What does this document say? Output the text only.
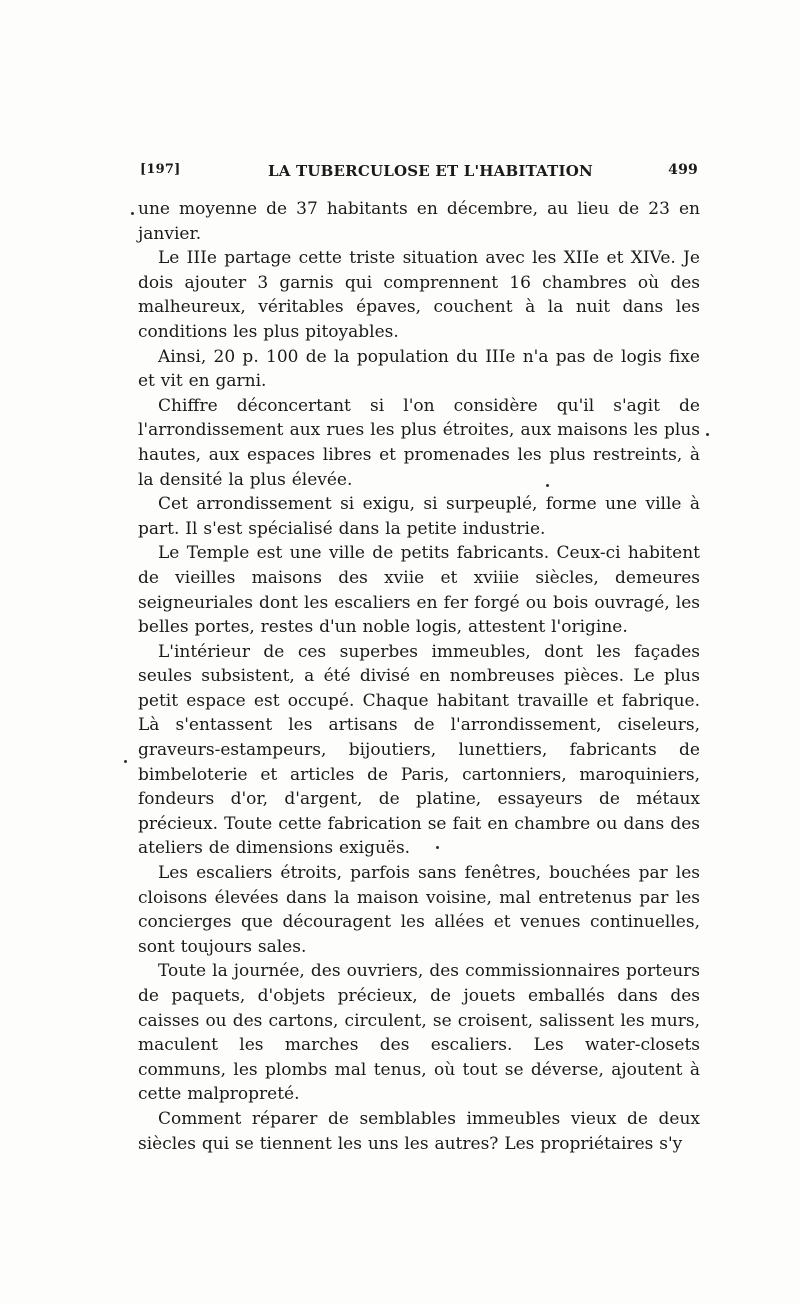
[197]	LA TUBERCULOSE ET L'HABITATION	499

une moyenne de 37 habitants en décembre, au lieu de 23 en janvier.

Le IIIe partage cette triste situation avec les XIIe et XIVe. Je dois ajouter 3 garnis qui comprennent 16 chambres où des malheureux, véritables épaves, couchent à la nuit dans les conditions les plus pitoyables.

Ainsi, 20 p. 100 de la population du IIIe n'a pas de logis fixe et vit en garni.

Chiffre déconcertant si l'on considère qu'il s'agit de l'arrondissement aux rues les plus étroites, aux maisons les plus hautes, aux espaces libres et promenades les plus restreints, à la densité la plus élevée.

Cet arrondissement si exigu, si surpeuplé, forme une ville à part. Il s'est spécialisé dans la petite industrie.

Le Temple est une ville de petits fabricants. Ceux-ci habitent de vieilles maisons des xviie et xviiie siècles, demeures seigneuriales dont les escaliers en fer forgé ou bois ouvragé, les belles portes, restes d'un noble logis, attestent l'origine.

L'intérieur de ces superbes immeubles, dont les façades seules subsistent, a été divisé en nombreuses pièces. Le plus petit espace est occupé. Chaque habitant travaille et fabrique. Là s'entassent les artisans de l'arrondissement, ciseleurs, graveurs-estampeurs, bijoutiers, lunettiers, fabricants de bimbeloterie et articles de Paris, cartonniers, maroquiniers, fondeurs d'or, d'argent, de platine, essayeurs de métaux précieux. Toute cette fabrication se fait en chambre ou dans des ateliers de dimensions exiguës.

Les escaliers étroits, parfois sans fenêtres, bouchées par les cloisons élevées dans la maison voisine, mal entretenus par les concierges que découragent les allées et venues continuelles, sont toujours sales.

Toute la journée, des ouvriers, des commissionnaires porteurs de paquets, d'objets précieux, de jouets emballés dans des caisses ou des cartons, circulent, se croisent, salissent les murs, maculent les marches des escaliers. Les water-closets communs, les plombs mal tenus, où tout se déverse, ajoutent à cette malpropreté.

Comment réparer de semblables immeubles vieux de deux siècles qui se tiennent les uns les autres? Les propriétaires s'y
